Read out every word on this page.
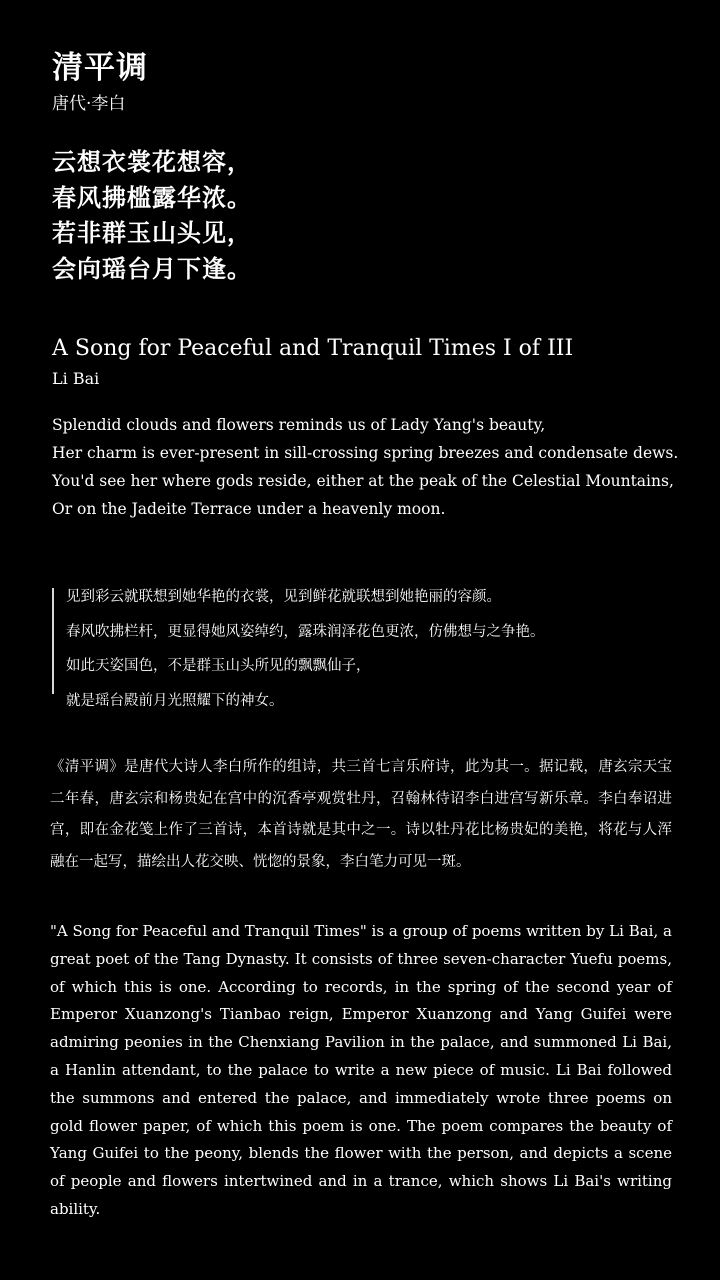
清平调
唐代·李白
云想衣裳花想容，
春风拂槛露华浓。
若非群玉山头见，
会向瑶台月下逢。
A Song for Peaceful and Tranquil Times I of III
Li Bai
Splendid clouds and flowers reminds us of Lady Yang's beauty,
Her charm is ever-present in sill-crossing spring breezes and condensate dews.
You'd see her where gods reside, either at the peak of the Celestial Mountains,
Or on the Jadeite Terrace under a heavenly moon.
见到彩云就联想到她华艳的衣裳，见到鲜花就联想到她艳丽的容颜。
春风吹拂栏杆，更显得她风姿绰约，露珠润泽花色更浓，仿佛想与之争艳。
如此天姿国色，不是群玉山头所见的飘飘仙子，
就是瑶台殿前月光照耀下的神女。
《清平调》是唐代大诗人李白所作的组诗，共三首七言乐府诗，此为其一。据记载，唐玄宗天宝二年春，唐玄宗和杨贵妃在宫中的沉香亭观赏牡丹，召翰林待诏李白进宫写新乐章。李白奉诏进宫，即在金花笺上作了三首诗，本首诗就是其中之一。诗以牡丹花比杨贵妃的美艳，将花与人浑融在一起写，描绘出人花交映、恍惚的景象，李白笔力可见一斑。
"A Song for Peaceful and Tranquil Times" is a group of poems written by Li Bai, a great poet of the Tang Dynasty. It consists of three seven-character Yuefu poems, of which this is one. According to records, in the spring of the second year of Emperor Xuanzong's Tianbao reign, Emperor Xuanzong and Yang Guifei were admiring peonies in the Chenxiang Pavilion in the palace, and summoned Li Bai, a Hanlin attendant, to the palace to write a new piece of music. Li Bai followed the summons and entered the palace, and immediately wrote three poems on gold flower paper, of which this poem is one. The poem compares the beauty of Yang Guifei to the peony, blends the flower with the person, and depicts a scene of people and flowers intertwined and in a trance, which shows Li Bai's writing ability.
